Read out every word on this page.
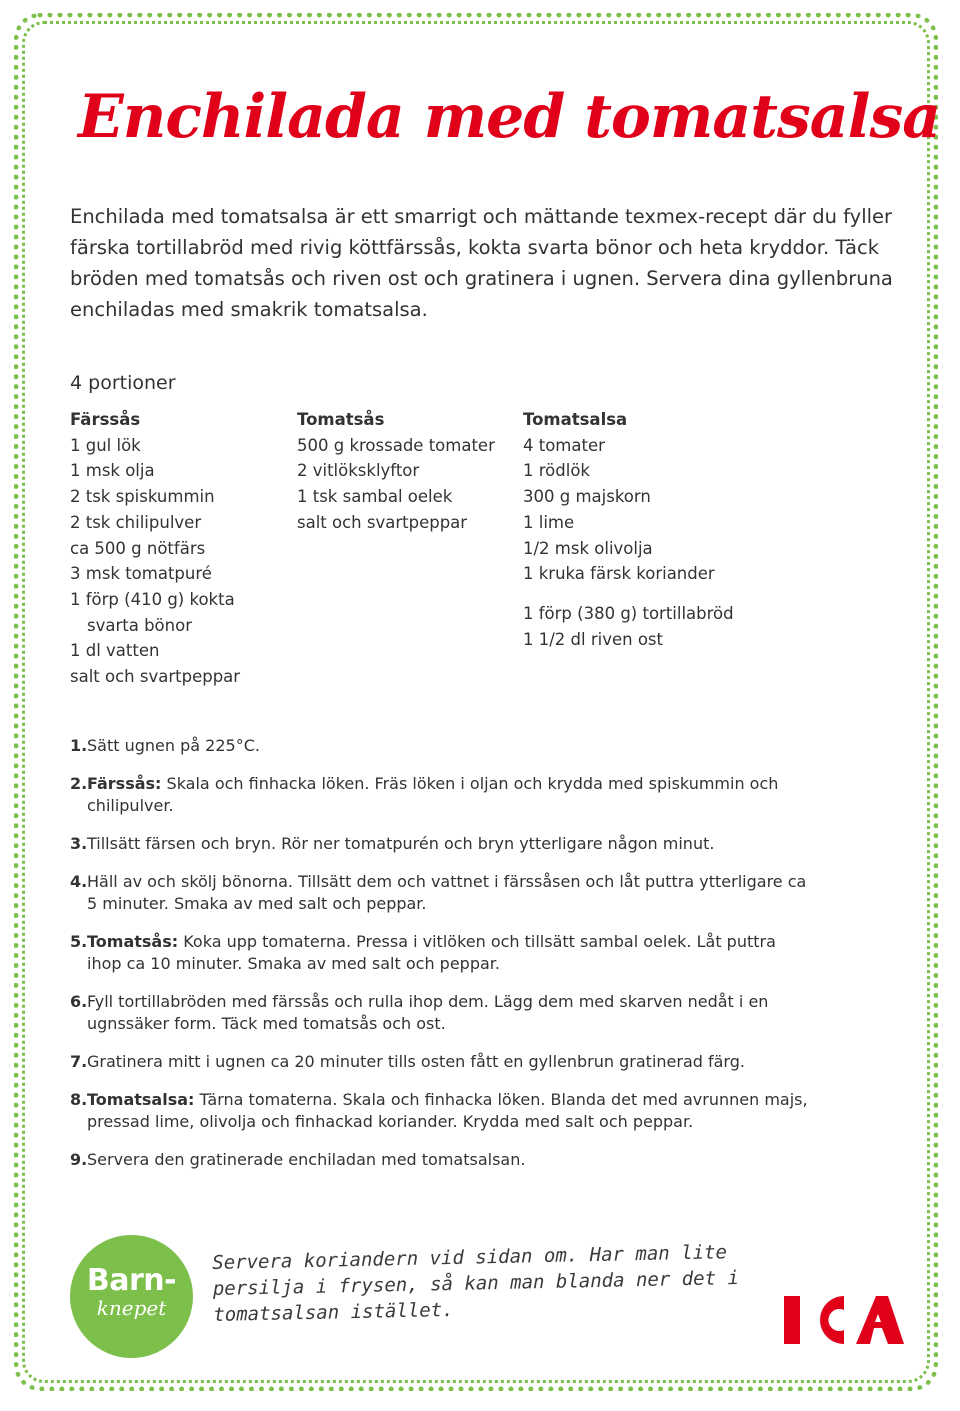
Enchilada med tomatsalsa

Enchilada med tomatsalsa är ett smarrigt och mättande texmex-recept där du fyller färska tortillabröd med rivig köttfärssås, kokta svarta bönor och heta kryddor. Täck bröden med tomatsås och riven ost och gratinera i ugnen. Servera dina gyllenbruna enchiladas med smakrik tomatsalsa.

4 portioner
Färssås
1 gul lök
1 msk olja
2 tsk spiskummin
2 tsk chilipulver
ca 500 g nötfärs
3 msk tomatpuré
1 förp (410 g) kokta
svarta bönor
1 dl vatten
salt och svartpeppar
Tomatsås
500 g krossade tomater
2 vitlöksklyftor
1 tsk sambal oelek
salt och svartpeppar
Tomatsalsa
4 tomater
1 rödlök
300 g majskorn
1 lime
1/2 msk olivolja
1 kruka färsk koriander
1 förp (380 g) tortillabröd
1 1/2 dl riven ost
1. Sätt ugnen på 225°C.
2. Färssås: Skala och finhacka löken. Fräs löken i oljan och krydda med spiskummin och chilipulver.
3. Tillsätt färsen och bryn. Rör ner tomatpurén och bryn ytterligare någon minut.
4. Häll av och skölj bönorna. Tillsätt dem och vattnet i färssåsen och låt puttra ytterligare ca 5 minuter. Smaka av med salt och peppar.
5. Tomatsås: Koka upp tomaterna. Pressa i vitlöken och tillsätt sambal oelek. Låt puttra ihop ca 10 minuter. Smaka av med salt och peppar.
6. Fyll tortillabröden med färssås och rulla ihop dem. Lägg dem med skarven nedåt i en ugnssäker form. Täck med tomatsås och ost.
7. Gratinera mitt i ugnen ca 20 minuter tills osten fått en gyllenbrun gratinerad färg.
8. Tomatsalsa: Tärna tomaterna. Skala och finhacka löken. Blanda det med avrunnen majs, pressad lime, olivolja och finhackad koriander. Krydda med salt och peppar.
9. Servera den gratinerade enchiladan med tomatsalsan.
Barn-
knepet

Servera koriandern vid sidan om. Har man lite persilja i frysen, så kan man blanda ner det i tomatsalsan istället.
